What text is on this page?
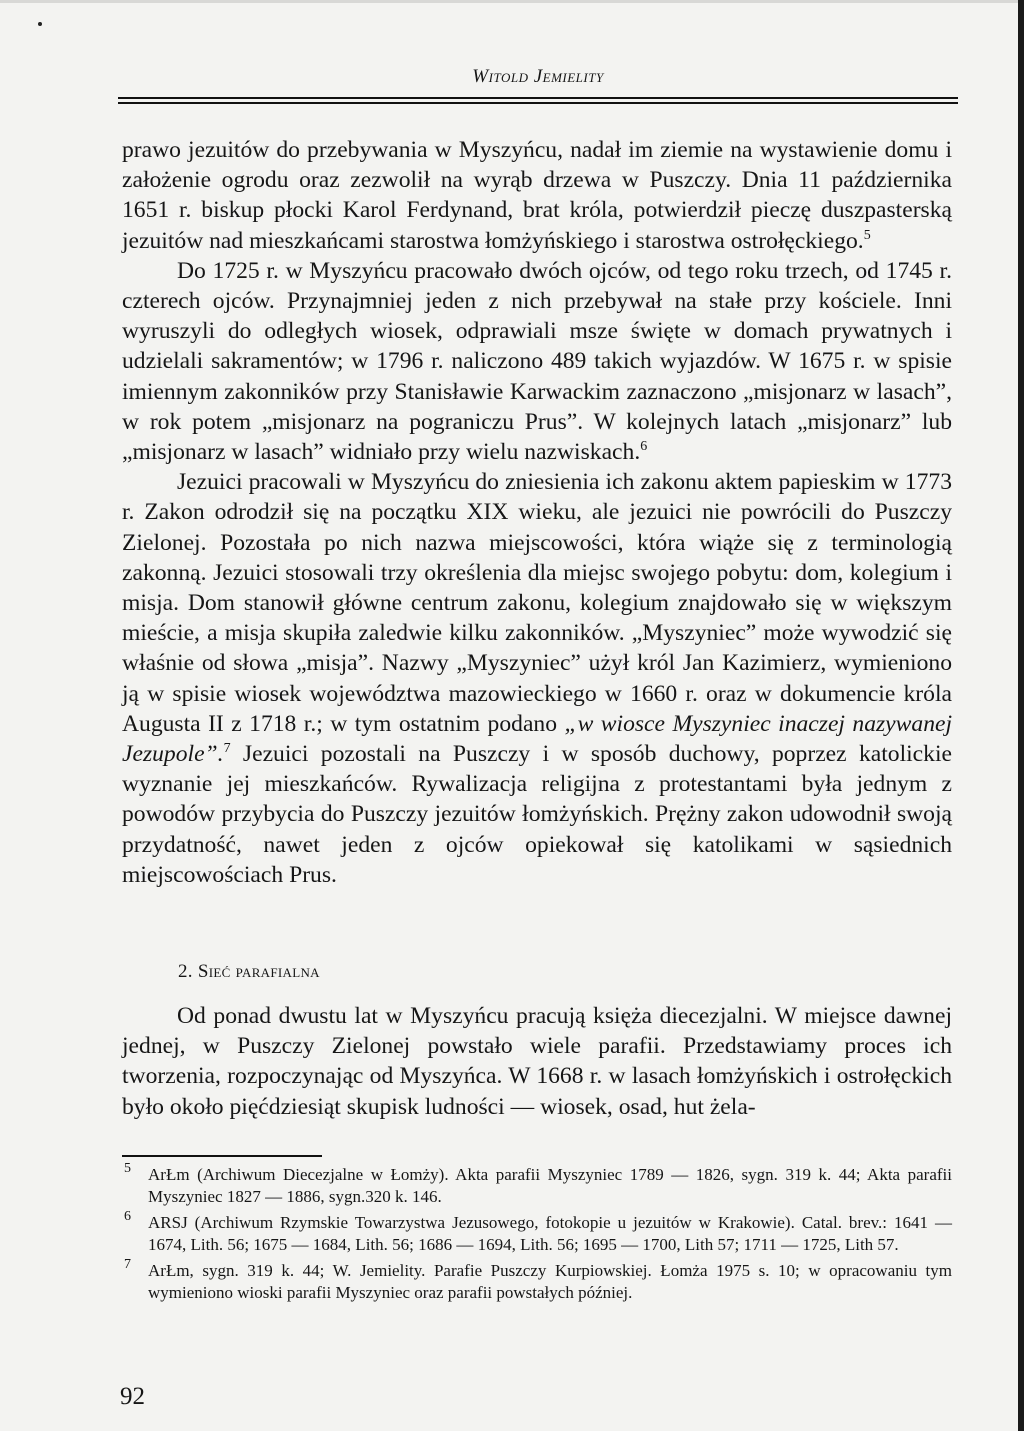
Witold Jemielity

prawo jezuitów do przebywania w Myszyńcu, nadał im ziemie na wystawienie domu i założenie ogrodu oraz zezwolił na wyrąb drzewa w Puszczy. Dnia 11 października 1651 r. biskup płocki Karol Ferdynand, brat króla, potwierdził pieczę duszpasterską jezuitów nad mieszkańcami starostwa łomżyńskiego i starostwa ostrołęckiego.$^5$

Do 1725 r. w Myszyńcu pracowało dwóch ojców, od tego roku trzech, od 1745 r. czterech ojców. Przynajmniej jeden z nich przebywał na stałe przy kościele. Inni wyruszyli do odległych wiosek, odprawiali msze święte w domach prywatnych i udzielali sakramentów; w 1796 r. naliczono 489 takich wyjazdów. W 1675 r. w spisie imiennym zakonników przy Stanisławie Karwackim zaznaczono „misjonarz w lasach”, w rok potem „misjonarz na pograniczu Prus”. W kolejnych latach „misjonarz” lub „misjonarz w lasach” widniało przy wielu nazwiskach.$^6$

Jezuici pracowali w Myszyńcu do zniesienia ich zakonu aktem papieskim w 1773 r. Zakon odrodził się na początku XIX wieku, ale jezuici nie powrócili do Puszczy Zielonej. Pozostała po nich nazwa miejscowości, która wiąże się z terminologią zakonną. Jezuici stosowali trzy określenia dla miejsc swojego pobytu: dom, kolegium i misja. Dom stanowił główne centrum zakonu, kolegium znajdowało się w większym mieście, a misja skupiła zaledwie kilku zakonników. „Myszyniec” może wywodzić się właśnie od słowa „misja”. Nazwy „Myszyniec” użył król Jan Kazimierz, wymieniono ją w spisie wiosek województwa mazowieckiego w 1660 r. oraz w dokumencie króla Augusta II z 1718 r.; w tym ostatnim podano „w wiosce Myszyniec inaczej nazywanej Jezupole”.$^7$ Jezuici pozostali na Puszczy i w sposób duchowy, poprzez katolickie wyznanie jej mieszkańców. Rywalizacja religijna z protestantami była jednym z powodów przybycia do Puszczy jezuitów łomżyńskich. Prężny zakon udowodnił swoją przydatność, nawet jeden z ojców opiekował się katolikami w sąsiednich miejscowościach Prus.

2. Sieć parafialna

Od ponad dwustu lat w Myszyńcu pracują księża diecezjalni. W miejsce dawnej jednej, w Puszczy Zielonej powstało wiele parafii. Przedstawiamy proces ich tworzenia, rozpoczynając od Myszyńca. W 1668 r. w lasach łomżyńskich i ostrołęckich było około pięćdziesiąt skupisk ludności — wiosek, osad, hut żela-

5 ArŁm (Archiwum Diecezjalne w Łomży). Akta parafii Myszyniec 1789 — 1826, sygn. 319 k. 44; Akta parafii Myszyniec 1827 — 1886, sygn.320 k. 146.
6 ARSJ (Archiwum Rzymskie Towarzystwa Jezusowego, fotokopie u jezuitów w Krakowie). Catal. brev.: 1641 — 1674, Lith. 56; 1675 — 1684, Lith. 56; 1686 — 1694, Lith. 56; 1695 — 1700, Lith 57; 1711 — 1725, Lith 57.
7 ArŁm, sygn. 319 k. 44; W. Jemielity. Parafie Puszczy Kurpiowskiej. Łomża 1975 s. 10; w opracowaniu tym wymieniono wioski parafii Myszyniec oraz parafii powstałych później.
92
